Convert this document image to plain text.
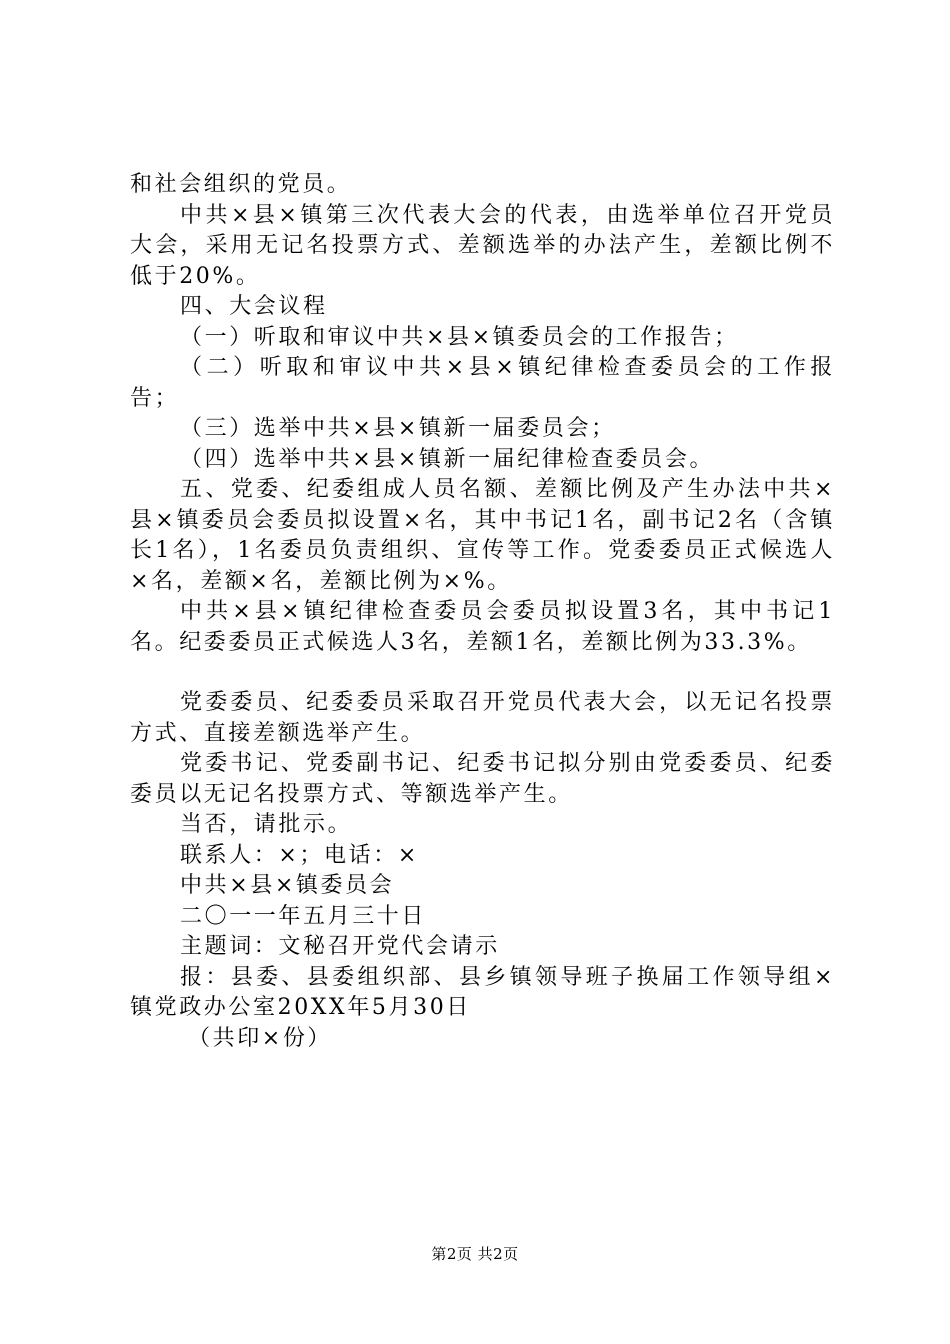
和社会组织的党员。

中共×县×镇第三次代表大会的代表，由选举单位召开党员大会，采用无记名投票方式、差额选举的办法产生，差额比例不低于20%。

四、大会议程

（一）听取和审议中共×县×镇委员会的工作报告；

（二）听取和审议中共×县×镇纪律检查委员会的工作报告；

（三）选举中共×县×镇新一届委员会；

（四）选举中共×县×镇新一届纪律检查委员会。

五、党委、纪委组成人员名额、差额比例及产生办法中共×县×镇委员会委员拟设置×名，其中书记1名，副书记2名（含镇长1名），1名委员负责组织、宣传等工作。党委委员正式候选人×名，差额×名，差额比例为×%。

中共×县×镇纪律检查委员会委员拟设置3名，其中书记1名。纪委委员正式候选人3名，差额1名，差额比例为33.3%。

党委委员、纪委委员采取召开党员代表大会，以无记名投票方式、直接差额选举产生。

党委书记、党委副书记、纪委书记拟分别由党委委员、纪委委员以无记名投票方式、等额选举产生。

当否，请批示。

联系人：×；电话：×

中共×县×镇委员会

二〇一一年五月三十日

主题词：文秘召开党代会请示

报：县委、县委组织部、县乡镇领导班子换届工作领导组×镇党政办公室20XX年5月30日

（共印×份）

第2页 共2页
